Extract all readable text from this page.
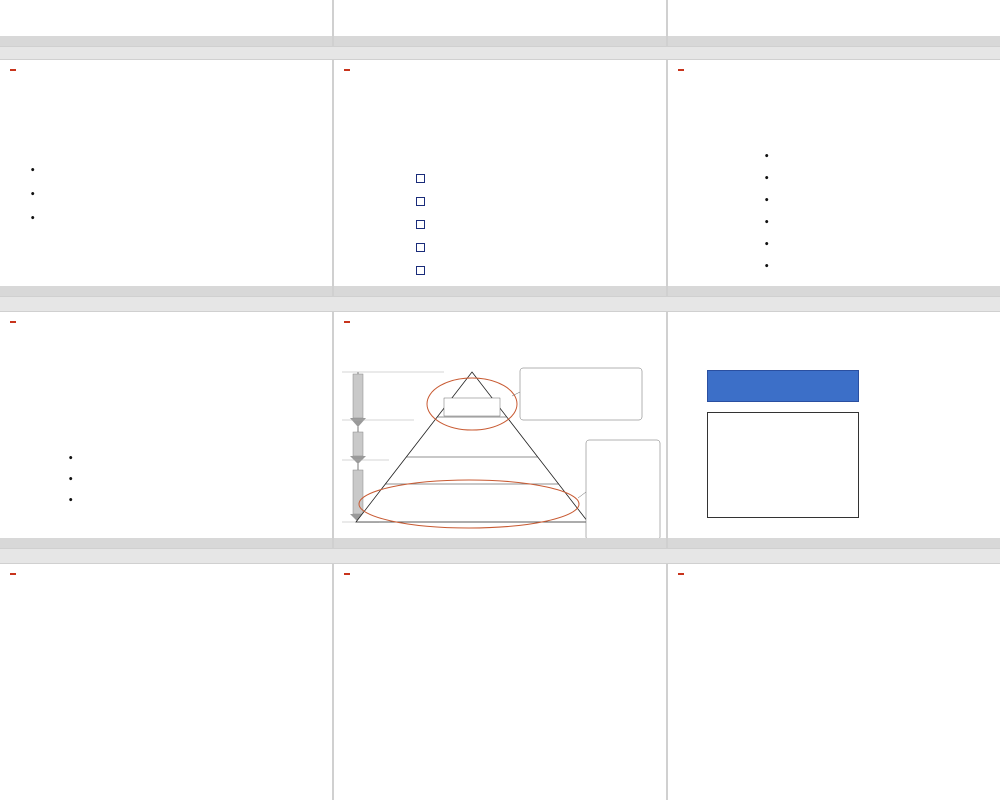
•
•
•
•
•
•
•
•
•
•
•
•
